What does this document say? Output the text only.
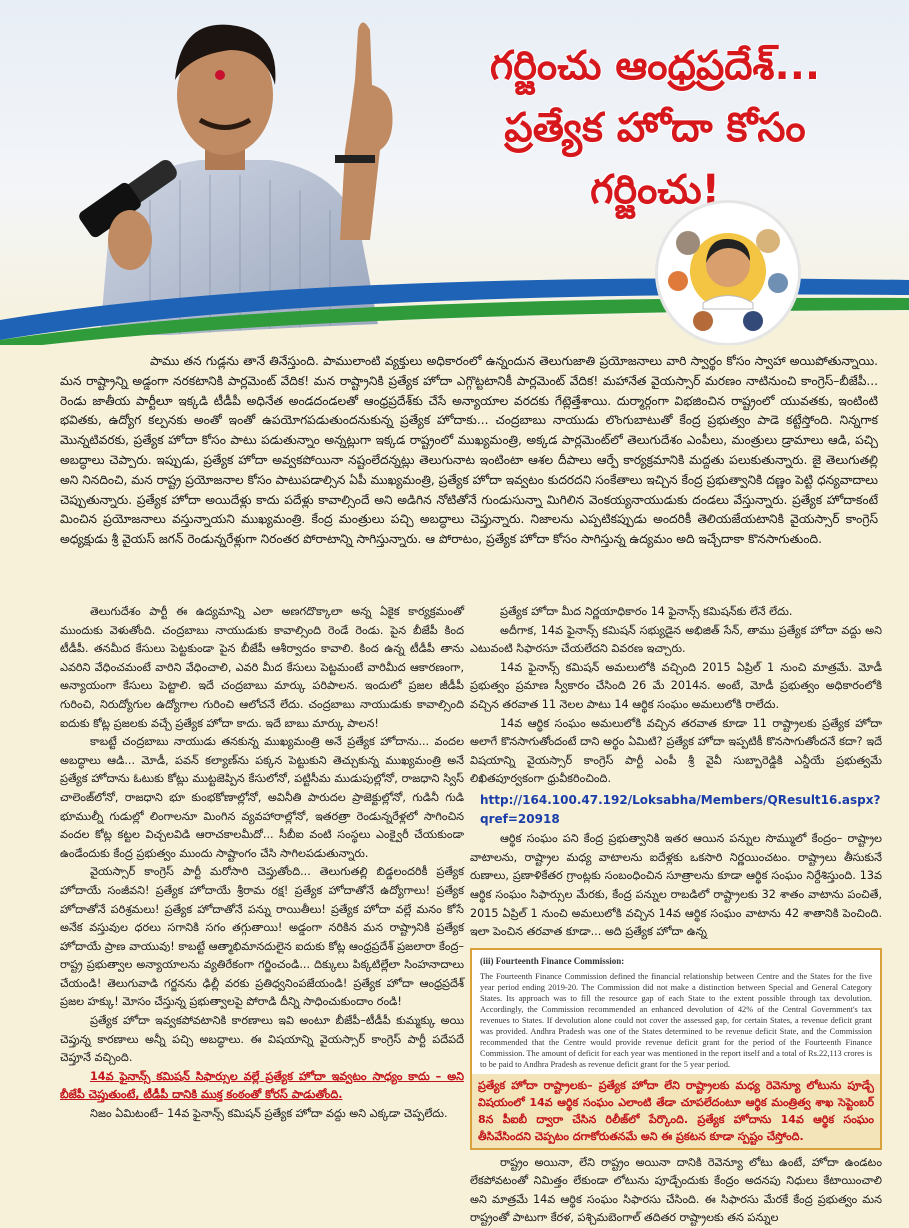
గర్జించు ఆంధ్రప్రదేశ్...
ప్రత్యేక హోదా కోసం
గర్జించు!
పాము తన గుడ్లను తానే తినేస్తుంది. పాములాంటి వ్యక్తులు అధికారంలో ఉన్నందున తెలుగుజాతి ప్రయోజనాలు వారి స్వార్థం కోసం స్వాహా అయిపోతున్నాయి. మన రాష్ట్రాన్ని అడ్డంగా నరకటానికి పార్లమెంట్ వేదిక! మన రాష్ట్రానికి ప్రత్యేక హోదా ఎగ్గొట్టటానికీ పార్లమెంట్ వేదిక! మహానేత వైయస్సార్ మరణం నాటినుంచి కాంగ్రెస్–బీజేపీ... రెండు జాతీయ పార్టీలూ ఇక్కడి టీడీపీ అధినేత అండదండలతో ఆంధ్రప్రదేశ్‌కు చేసే అన్యాయాల వరదకు గేట్లెత్తేశాయి. దుర్మార్గంగా విభజించిన రాష్ట్రంలో యువతకు, ఇంటింటి భవితకు, ఉద్యోగ కల్పనకు అంతో ఇంతో ఉపయోగపడుతుందనుకున్న ప్రత్యేక హోదాకు... చంద్రబాబు నాయుడు లొంగుబాటుతో కేంద్ర ప్రభుత్వం పాడె కట్టేస్తోంది. నిన్నగాక మొన్నటివరకు, ప్రత్యేక హోదా కోసం పాటు పడుతున్నాం అన్నట్లుగా ఇక్కడ రాష్ట్రంలో ముఖ్యమంత్రి, అక్కడ పార్లమెంట్‌లో తెలుగుదేశం ఎంపీలు, మంత్రులు డ్రామాలు ఆడి, పచ్చి అబద్ధాలు చెప్పారు. ఇప్పుడు, ప్రత్యేక హోదా అవ్వకపోయినా నష్టంలేదన్నట్లు తెలుగునాట ఇంటింటా ఆశల దీపాలు ఆర్పే కార్యక్రమానికి మద్దతు పలుకుతున్నారు. జై తెలుగుతల్లి అని నినదించి, మన రాష్ట్ర ప్రయోజనాల కోసం పాటుపడాల్సిన ఏపీ ముఖ్యమంత్రి, ప్రత్యేక హోదా ఇవ్వటం కుదరదని సంకేతాలు ఇచ్చిన కేంద్ర ప్రభుత్వానికి దణ్ణం పెట్టి ధన్యవాదాలు చెప్పుతున్నారు. ప్రత్యేక హోదా అయిదేళ్లు కాదు పదేళ్లు కావాల్సిందే అని అడిగిన నోటితోనే గుండుసున్నా మిగిలిన వెంకయ్యనాయుడుకు దండలు వేస్తున్నారు. ప్రత్యేక హోదాకంటే మించిన ప్రయోజనాలు వస్తున్నాయని ముఖ్యమంత్రి. కేంద్ర మంత్రులు పచ్చి అబద్ధాలు చెప్తున్నారు. నిజాలను ఎప్పటికప్పుడు అందరికీ తెలియజేయటానికి వైయస్సార్ కాంగ్రెస్ అధ్యక్షుడు శ్రీ వైయస్ జగన్ రెండున్నరేళ్లుగా నిరంతర పోరాటాన్ని సాగిస్తున్నారు. ఆ పోరాటం, ప్రత్యేక హోదా కోసం సాగిస్తున్న ఉద్యమం అది ఇచ్చేదాకా కొనసాగుతుంది.

తెలుగుదేశం పార్టీ ఈ ఉద్యమాన్ని ఎలా అణగదొక్కాలా అన్న ఏకైక కార్యక్రమంతో ముందుకు వెళుతోంది. చంద్రబాబు నాయుడుకు కావాల్సింది రెండే రెండు. పైన బీజేపీ కింద టీడీపీ. తనమీద కేసులు పెట్టకుండా పైన బీజేపీ ఆశీర్వాదం కావాలి. కింద ఉన్న టీడీపీ తాను ఎవరిని వేధించమంటే వారిని వేధించాలి, ఎవరి మీద కేసులు పెట్టమంటే వారిమీద ఆకారణంగా, అన్యాయంగా కేసులు పెట్టాలి. ఇదే చంద్రబాబు మార్కు పరిపాలన. ఇందులో ప్రజల జీడీపీ గురించి, నిరుద్యోగుల ఉద్యోగాల గురించి ఆలోచనే లేదు. చంద్రబాబు నాయుడుకు కావాల్సింది ఐదుకు కోట్ల ప్రజలకు వచ్చే ప్రత్యేక హోదా కాదు. ఇదే బాబు మార్కు పాలన!

కాబట్టే చంద్రబాబు నాయుడు తనకున్న ముఖ్యమంత్రి అనే ప్రత్యేక హోదాను... వందల అబద్ధాలు ఆడి... మోడీ, పవన్ కల్యాణ్‌ను పక్కన పెట్టుకుని తెచ్చుకున్న ముఖ్యమంత్రి అనే ప్రత్యేక హోదాను ఓటుకు కోట్లు ముట్టజెప్పిన కేసులోనో, పట్టిసీమ ముడుపుల్లోనో, రాజధాని స్విస్ చాలెంజ్‌లోనో, రాజధాని భూ కుంభకోణాల్లోనో, అవినీతి పారుదల ప్రాజెక్టుల్లోనో, గుడినీ గుడి భూముల్నీ గుడుల్లో లింగాలనూ మింగిన వ్యవహారాల్లోనో, ఇతరత్రా రెండున్నరేళ్లలో సాగించిన వందల కోట్ల కట్టల విచ్చలవిడి ఆరాచకాలమీదో... సీబీఐ వంటి సంస్థలు ఎంక్వైరీ చేయకుండా ఉండేందుకు కేంద్ర ప్రభుత్వం ముందు సాష్టాంగం చేసి సాగిలపడుతున్నారు.

వైయస్సార్ కాంగ్రెస్ పార్టీ మరోసారి చెప్తుతోంది... తెలుగుతల్లి బిడ్డలందరికీ ప్రత్యేక హోదాయే సంజీవని! ప్రత్యేక హోదాయే శ్రీరామ రక్ష! ప్రత్యేక హోదాతోనే ఉద్యోగాలు! ప్రత్యేక హోదాతోనే పరిశ్రమలు! ప్రత్యేక హోదాతోనే పన్ను రాయితీలు! ప్రత్యేక హోదా వల్లే మనం కోసే అనేక వస్తువుల ధరలు సగానికి సగం తగ్గుతాయి! అడ్డంగా నరికిన మన రాష్ట్రానికి ప్రత్యేక హోదాయే ప్రాణ వాయువు! కాబట్టే ఆత్మాభిమానదులైన ఐదుకు కోట్ల ఆంధ్రప్రదేశ్ ప్రజలారా కేంద్ర–రాష్ట్ర ప్రభుత్వాల అన్యాయాలను వ్యతిరేకంగా గర్జించండి... దిక్కులు పిక్కటిల్లేలా సింహనాదాలు చేయండి! తెలుగువాడి గర్జనను ఢిల్లీ వరకు ప్రతిధ్వనింపజేయండి! ప్రత్యేక హోదా ఆంధ్రప్రదేశ్ ప్రజల హక్కు! మోసం చేస్తున్న ప్రభుత్వాలపై పోరాడి దీన్ని సాధించుకుందాం రండి!

ప్రత్యేక హోదా ఇవ్వకపోవటానికి కారణాలు ఇవి అంటూ బీజేపీ–టీడీపీ కుమ్మక్కు అయి చెప్తున్న కారణాలు అన్నీ పచ్చి అబద్ధాలు. ఈ విషయాన్ని వైయస్సార్ కాంగ్రెస్ పార్టీ పదేపదే చెప్తూనే వచ్చింది.

14వ ఫైనాన్స్ కమిషన్ సిఫార్సుల వల్లే ప్రత్యేక హోదా ఇవ్వటం సాధ్యం కాదు – అని బీజేపీ చెప్తుతుంటే, టీడీపీ దానికి ముక్త కంఠంతో కోరస్ పాడుతోంది.

నిజం ఏమిటంటే– 14వ ఫైనాన్స్ కమిషన్ ప్రత్యేక హోదా వద్దు అని ఎక్కడా చెప్పలేదు.

ప్రత్యేక హోదా మీద నిర్ణయాధికారం 14 ఫైనాన్స్ కమిషన్‌కు లేనే లేదు.

అదీగాక, 14వ ఫైనాన్స్ కమిషన్ సభ్యుడైన అభిజిత్ సేన్, తాము ప్రత్యేక హోదా వద్దు అని ఎటువంటి సిఫారసూ చేయలేదని వివరణ ఇచ్చారు.

14వ ఫైనాన్స్ కమిషన్ అమలులోకి వచ్చింది 2015 ఏప్రిల్ 1 నుంచి మాత్రమే. మోడీ ప్రభుత్వం ప్రమాణ స్వీకారం చేసింది 26 మే 2014న. అంటే, మోడీ ప్రభుత్వం అధికారంలోకి వచ్చిన తరవాత 11 నెలల పాటు 14 ఆర్థిక సంఘం అమలులోకి రాలేదు.

14వ ఆర్థిక సంఘం అమలులోకి వచ్చిన తరవాత కూడా 11 రాష్ట్రాలకు ప్రత్యేక హోదా అలాగే కొనసాగుతోందంటే దాని అర్థం ఏమిటి? ప్రత్యేక హోదా ఇప్పటికీ కొనసాగుతోందనే కదా? ఇదే విషయాన్ని వైయస్సార్ కాంగ్రెస్ పార్టీ ఎంపీ శ్రీ వైవీ సుబ్బారెడ్డికి ఎన్డీయే ప్రభుత్వమే లిఖితపూర్వకంగా ధ్రువీకరించింది.

http://164.100.47.192/Loksabha/Members/QResult16.aspx?qref=20918

ఆర్థిక సంఘం పని కేంద్ర ప్రభుత్వానికి ఇతర ఆయిన పన్నుల సొమ్ములో కేంద్రం– రాష్ట్రాల వాటాలను, రాష్ట్రాల మధ్య వాటాలను ఐదేళ్లకు ఒకసారి నిర్ణయించటం. రాష్ట్రాలు తీసుకునే రుణాలు, ప్రణాళికేతర గ్రాంట్లకు సంబంధించిన సూత్రాలను కూడా ఆర్థిక సంఘం నిర్దేశిస్తుంది. 13వ ఆర్థిక సంఘం సిఫార్సుల మేరకు, కేంద్ర పన్నుల రాబడిలో రాష్ట్రాలకు 32 శాతం వాటాను పంచితే, 2015 ఏప్రిల్ 1 నుంచి అమలులోకి వచ్చిన 14వ ఆర్థిక సంఘం వాటాను 42 శాతానికి పెంచింది. ఇలా పెంచిన తరవాత కూడా... అది ప్రత్యేక హోదా ఉన్న

(iii) Fourteenth Finance Commission:
The Fourteenth Finance Commission defined the financial relationship between Centre and the States for the five year period ending 2019-20. The Commission did not make a distinction between Special and General Category States. Its approach was to fill the resource gap of each State to the extent possible through tax devolution. Accordingly, the Commission recommended an enhanced devolution of 42% of the Central Government's tax revenues to States. If devolution alone could not cover the assessed gap, for certain States, a revenue deficit grant was provided. Andhra Pradesh was one of the States determined to be revenue deficit State, and the Commission recommended that the Centre would provide revenue deficit grant for the period of the Fourteenth Finance Commission. The amount of deficit for each year was mentioned in the report itself and a total of Rs.22,113 crores is to be paid to Andhra Pradesh as revenue deficit grant for the 5 year period.
ప్రత్యేక హోదా రాష్ట్రాలకు– ప్రత్యేక హోదా లేని రాష్ట్రాలకు మధ్య రెవెన్యూ లోటును పూడ్చే విషయంలో 14వ ఆర్థిక సంఘం ఎలాంటి తేడా చూపలేదంటూ ఆర్థిక మంత్రిత్వ శాఖ సెప్టెంబర్ 8న పీఐబీ ద్వారా చేసిన రిలీజ్‌లో పేర్కొంది. ప్రత్యేక హోదాను 14వ ఆర్థిక సంఘం తీసివేసిందని చెప్పటం దగాకోరుతనమే అని ఈ ప్రకటన కూడా స్పష్టం చేస్తోంది.

రాష్ట్రం అయినా, లేని రాష్ట్రం అయినా దానికి రెవెన్యూ లోటు ఉంటే, హోదా ఉండటం లేకపోవటంతో నిమిత్తం లేకుండా లోటును పూడ్చేందుకు కేంద్రం అదనపు నిధులు కేటాయించాలి అని మాత్రమే 14వ ఆర్థిక సంఘం సిఫారసు చేసింది. ఈ సిఫారసు మేరకే కేంద్ర ప్రభుత్వం మన రాష్ట్రంతో పాటుగా కేరళ, పశ్చిమబెంగాల్ తదితర రాష్ట్రాలకు తన పన్నుల
